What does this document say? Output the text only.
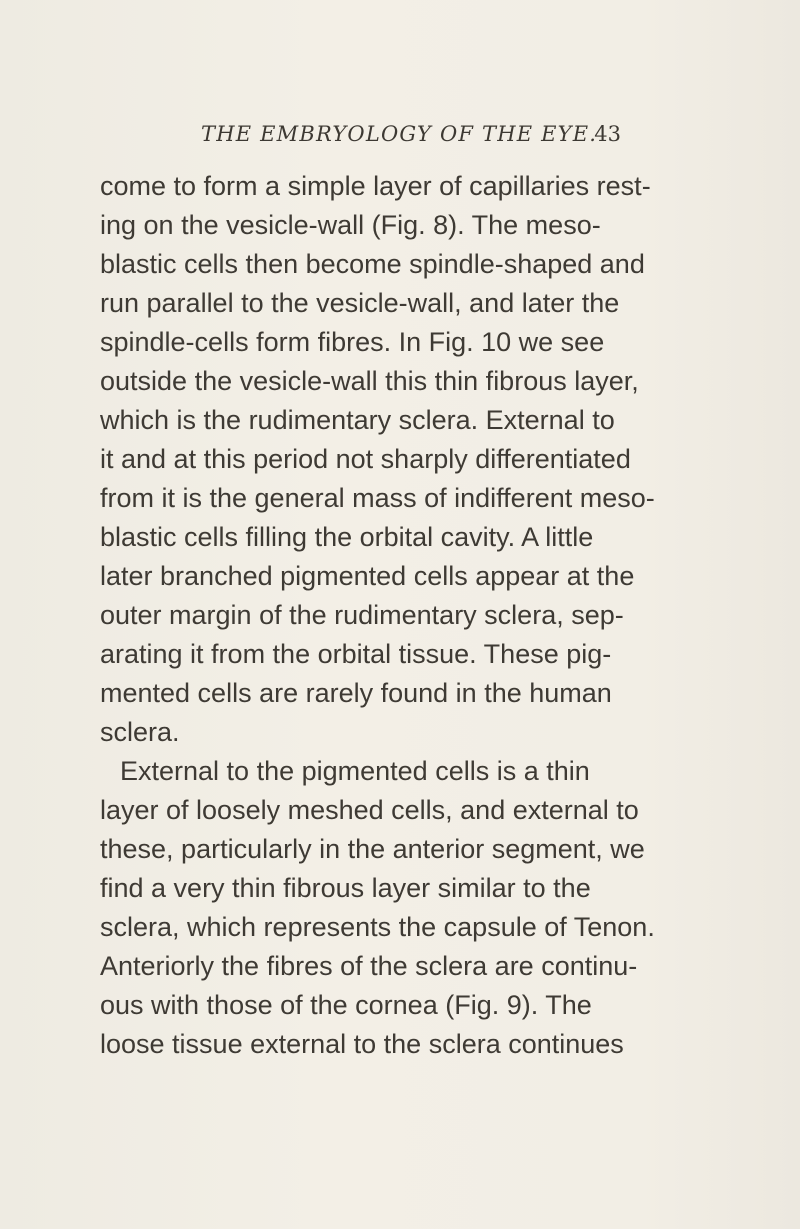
THE EMBRYOLOGY OF THE EYE.
43
come to form a simple layer of capillaries rest-
ing on the vesicle-wall (Fig. 8). The meso-
blastic cells then become spindle-shaped and
run parallel to the vesicle-wall, and later the
spindle-cells form fibres. In Fig. 10 we see
outside the vesicle-wall this thin fibrous layer,
which is the rudimentary sclera. External to
it and at this period not sharply differentiated
from it is the general mass of indifferent meso-
blastic cells filling the orbital cavity. A little
later branched pigmented cells appear at the
outer margin of the rudimentary sclera, sep-
arating it from the orbital tissue. These pig-
mented cells are rarely found in the human
sclera.
External to the pigmented cells is a thin
layer of loosely meshed cells, and external to
these, particularly in the anterior segment, we
find a very thin fibrous layer similar to the
sclera, which represents the capsule of Tenon.
Anteriorly the fibres of the sclera are continu-
ous with those of the cornea (Fig. 9). The
loose tissue external to the sclera continues
